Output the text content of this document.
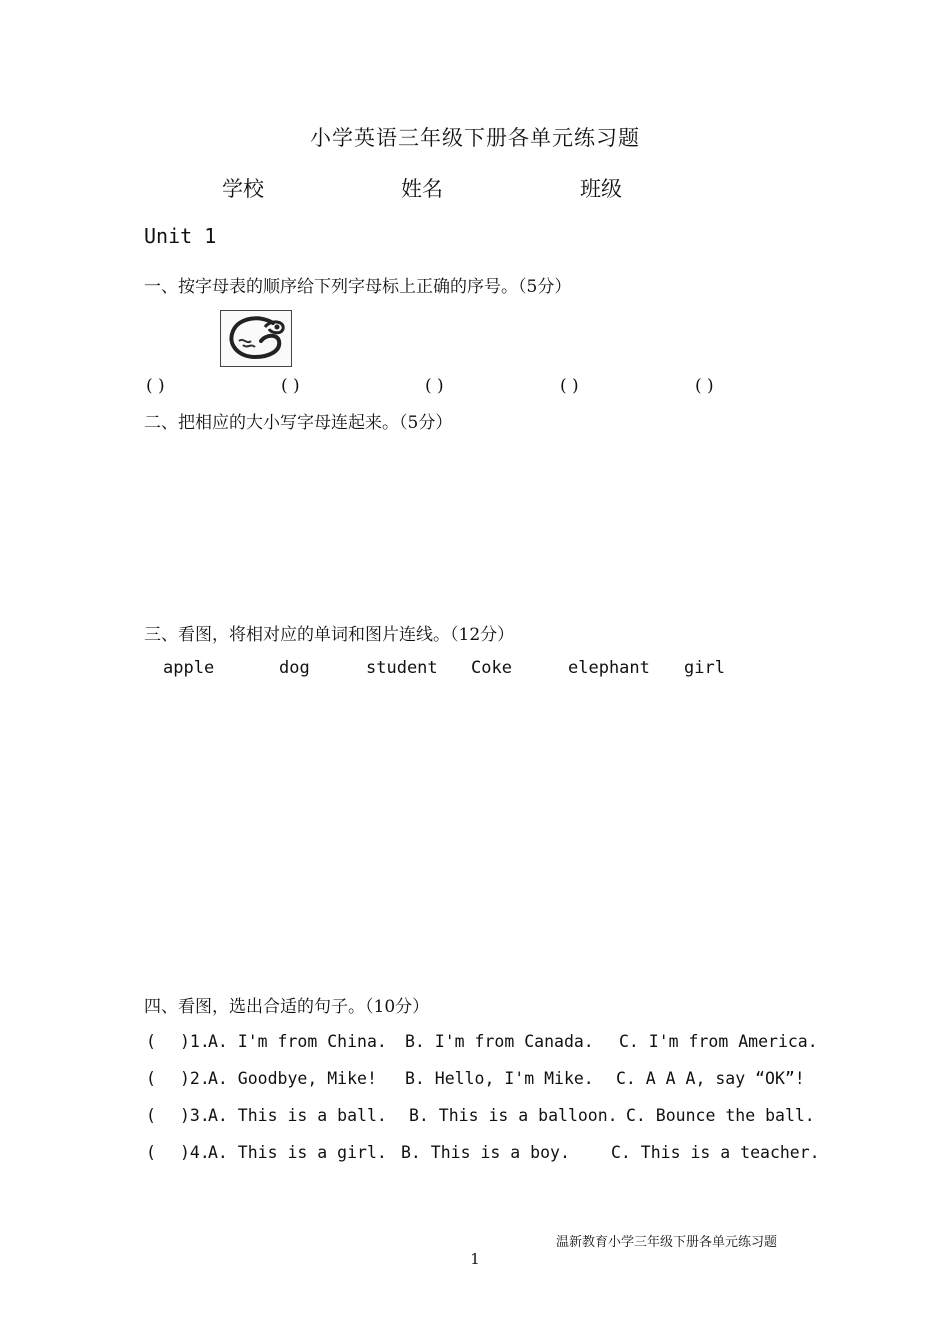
小学英语三年级下册各单元练习题
学校	姓名	班级
Unit 1
一、按字母表的顺序给下列字母标上正确的序号。（5分）
( )	( )	( )	( )	( )
二、把相应的大小写字母连起来。（5分）
三、看图，将相对应的单词和图片连线。（12分）
apple	dog	student Coke	elephant girl
四、看图，选出合适的句子。（10分）
( )1.
A. I'm from China. B. I'm from Canada. C. I'm from America.
( )2.
A. Goodbye, Mike! B. Hello, I'm Mike. C. A A A, say “OK”!
( )3.
A. This is a ball. B. This is a balloon. C. Bounce the ball.
( )4.
A. This is a girl. B. This is a boy. C. This is a teacher.
温新教育小学三年级下册各单元练习题
1
